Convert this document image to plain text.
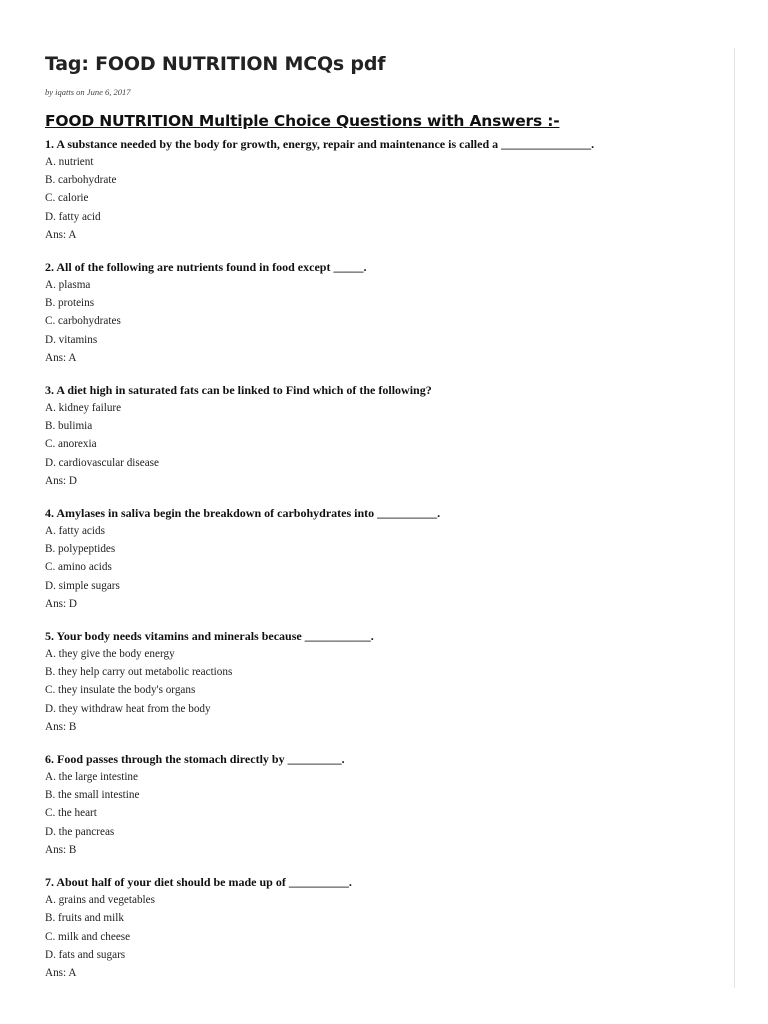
Tag: FOOD NUTRITION MCQs pdf

by iqatts on June 6, 2017

FOOD NUTRITION Multiple Choice Questions with Answers :-

1. A substance needed by the body for growth, energy, repair and maintenance is called a _______________.

A. nutrient

B. carbohydrate

C. calorie

D. fatty acid

Ans: A

2. All of the following are nutrients found in food except _____.

A. plasma

B. proteins

C. carbohydrates

D. vitamins

Ans: A

3. A diet high in saturated fats can be linked to Find which of the following?

A. kidney failure

B. bulimia

C. anorexia

D. cardiovascular disease

Ans: D

4. Amylases in saliva begin the breakdown of carbohydrates into __________.

A. fatty acids

B. polypeptides

C. amino acids

D. simple sugars

Ans: D

5. Your body needs vitamins and minerals because ___________.

A. they give the body energy

B. they help carry out metabolic reactions

C. they insulate the body's organs

D. they withdraw heat from the body

Ans: B

6. Food passes through the stomach directly by _________.

A. the large intestine

B. the small intestine

C. the heart

D. the pancreas

Ans: B

7. About half of your diet should be made up of __________.

A. grains and vegetables

B. fruits and milk

C. milk and cheese

D. fats and sugars

Ans: A
